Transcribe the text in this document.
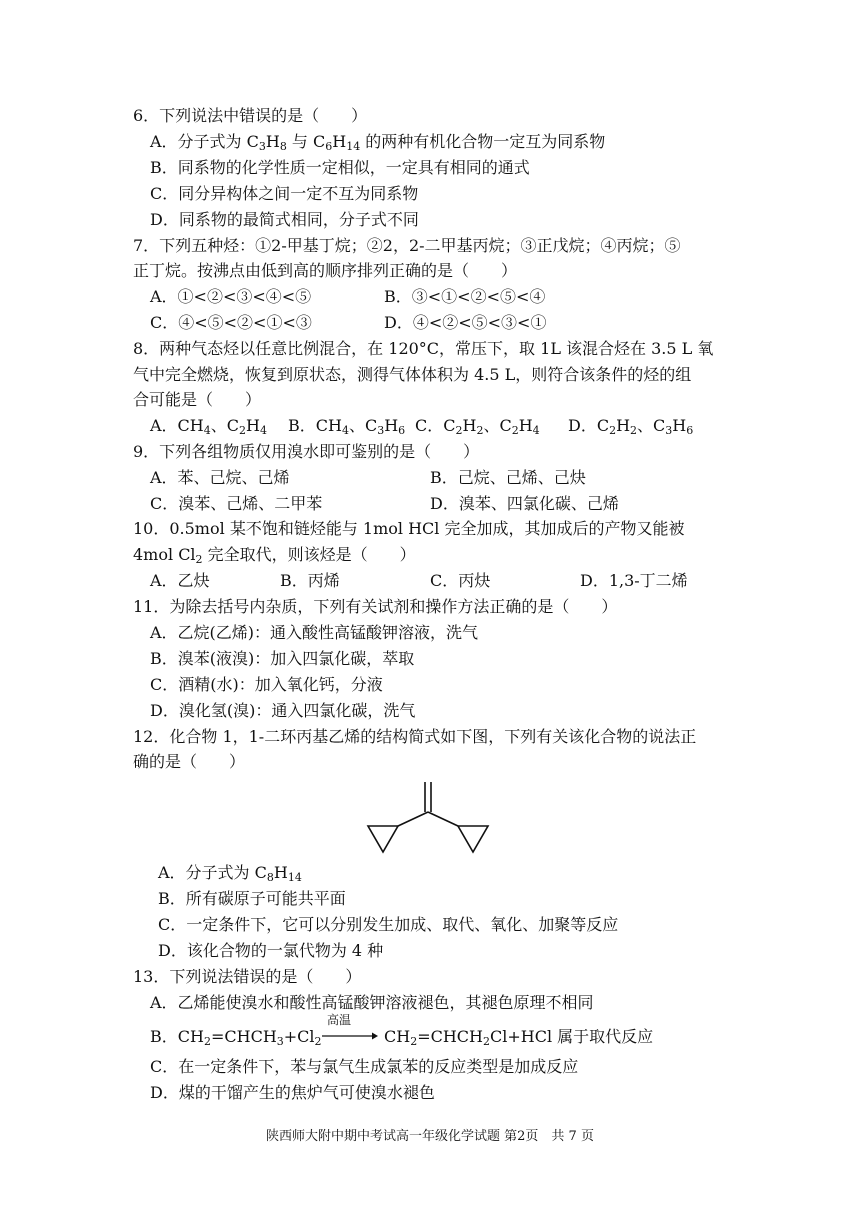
6．下列说法中错误的是（　　）
A．分子式为 $C_3H_8$ 与 $C_6H_{14}$ 的两种有机化合物一定互为同系物
B．同系物的化学性质一定相似，一定具有相同的通式
C．同分异构体之间一定不互为同系物
D．同系物的最简式相同，分子式不同
7．下列五种烃：①2-甲基丁烷；②2，2-二甲基丙烷；③正戊烷；④丙烷；⑤
正丁烷。按沸点由低到高的顺序排列正确的是（　　）
A．①<②<③<④<⑤	B．③<①<②<⑤<④
C．④<⑤<②<①<③	D．④<②<⑤<③<①
8．两种气态烃以任意比例混合，在 120°C，常压下，取 1L 该混合烃在 3.5 L 氧
气中完全燃烧，恢复到原状态，测得气体体积为 4.5 L，则符合该条件的烃的组
合可能是（　　）
A．$CH_4$、$C_2H_4$ B．$CH_4$、$C_3H_6$ C．$C_2H_2$、$C_2H_4$ D．$C_2H_2$、$C_3H_6$
9．下列各组物质仅用溴水即可鉴别的是（　　）
A．苯、己烷、己烯	B．己烷、己烯、己炔
C．溴苯、己烯、二甲苯	D．溴苯、四氯化碳、己烯
10．0.5mol 某不饱和链烃能与 1mol HCl 完全加成，其加成后的产物又能被
4mol $Cl_2$ 完全取代，则该烃是（　　）
A．乙炔	B．丙烯	C．丙炔	D．1,3-丁二烯
11．为除去括号内杂质，下列有关试剂和操作方法正确的是（　　）
A．乙烷(乙烯)：通入酸性高锰酸钾溶液，洗气
B．溴苯(液溴)：加入四氯化碳，萃取
C．酒精(水)：加入氧化钙，分液
D．溴化氢(溴)：通入四氯化碳，洗气
12．化合物 1，1-二环丙基乙烯的结构简式如下图，下列有关该化合物的说法正
确的是（　　）
A．分子式为 $C_8H_{14}$
B．所有碳原子可能共平面
C．一定条件下，它可以分别发生加成、取代、氧化、加聚等反应
D．该化合物的一氯代物为 4 种
13．下列说法错误的是（　　）
A．乙烯能使溴水和酸性高锰酸钾溶液褪色，其褪色原理不相同
B．$CH_2=CHCH_3+Cl_2$
高温
→ $CH_2=CHCH_2Cl+HCl$ 属于取代反应
C．在一定条件下，苯与氯气生成氯苯的反应类型是加成反应
D．煤的干馏产生的焦炉气可使溴水褪色
陕西师大附中期中考试高一年级化学试题 第2页　共 7 页
